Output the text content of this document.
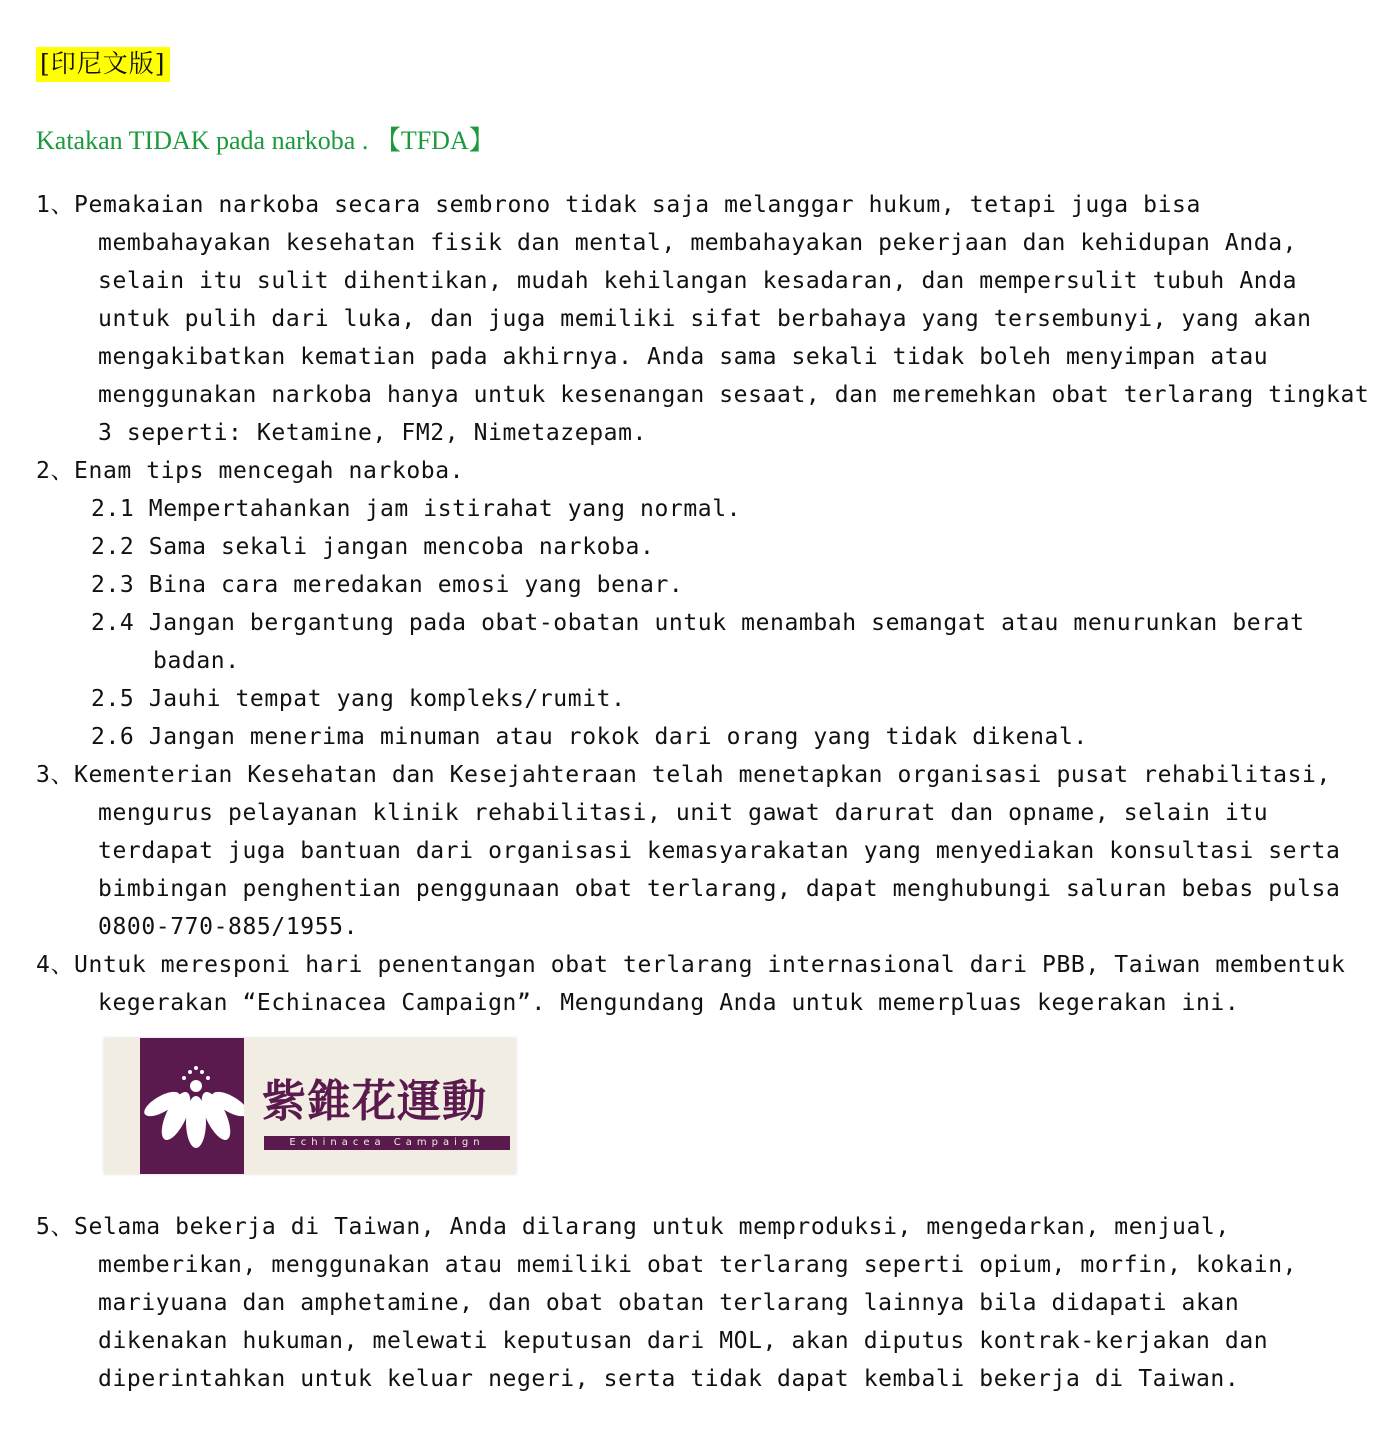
[印尼文版]
Katakan TIDAK pada narkoba . 【TFDA】
1、Pemakaian narkoba secara sembrono tidak saja melanggar hukum, tetapi juga bisa membahayakan kesehatan fisik dan mental, membahayakan pekerjaan dan kehidupan Anda, selain itu sulit dihentikan, mudah kehilangan kesadaran, dan mempersulit tubuh Anda untuk pulih dari luka, dan juga memiliki sifat berbahaya yang tersembunyi, yang akan mengakibatkan kematian pada akhirnya. Anda sama sekali tidak boleh menyimpan atau menggunakan narkoba hanya untuk kesenangan sesaat, dan meremehkan obat terlarang tingkat 3 seperti: Ketamine, FM2, Nimetazepam.
2、Enam tips mencegah narkoba.
2.1 Mempertahankan jam istirahat yang normal.
2.2 Sama sekali jangan mencoba narkoba.
2.3 Bina cara meredakan emosi yang benar.
2.4 Jangan bergantung pada obat-obatan untuk menambah semangat atau menurunkan berat badan.
2.5 Jauhi tempat yang kompleks/rumit.
2.6 Jangan menerima minuman atau rokok dari orang yang tidak dikenal.
3、Kementerian Kesehatan dan Kesejahteraan telah menetapkan organisasi pusat rehabilitasi, mengurus pelayanan klinik rehabilitasi, unit gawat darurat dan opname, selain itu terdapat juga bantuan dari organisasi kemasyarakatan yang menyediakan konsultasi serta bimbingan penghentian penggunaan obat terlarang, dapat menghubungi saluran bebas pulsa 0800-770-885/1955.
4、Untuk meresponi hari penentangan obat terlarang internasional dari PBB, Taiwan membentuk kegerakan “Echinacea Campaign”. Mengundang Anda untuk memerpluas kegerakan ini.
紫錐花運動
Echinacea Campaign
5、Selama bekerja di Taiwan, Anda dilarang untuk memproduksi, mengedarkan, menjual, memberikan, menggunakan atau memiliki obat terlarang seperti opium, morfin, kokain, mariyuana dan amphetamine, dan obat obatan terlarang lainnya bila didapati akan dikenakan hukuman, melewati keputusan dari MOL, akan diputus kontrak-kerjakan dan diperintahkan untuk keluar negeri, serta tidak dapat kembali bekerja di Taiwan.
